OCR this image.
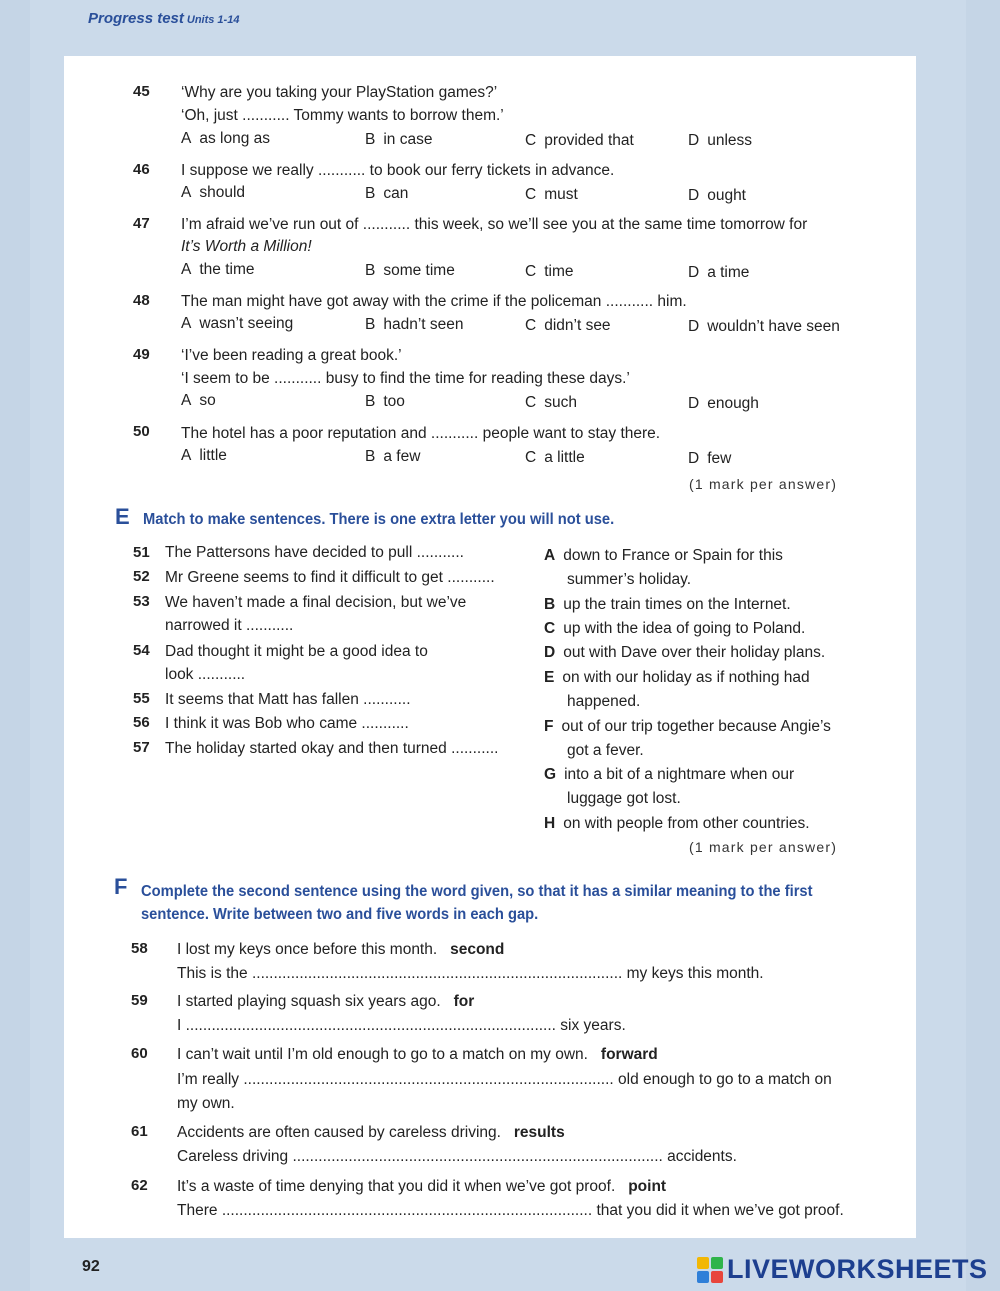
Progress test Units 1-14
45 ‘Why are you taking your PlayStation games?’
‘Oh, just ........... Tommy wants to borrow them.’
A as long as	B in case	C provided that	D unless
46 I suppose we really ........... to book our ferry tickets in advance.
A should	B can	C must	D ought
47 I’m afraid we’ve run out of ........... this week, so we’ll see you at the same time tomorrow for
It’s Worth a Million!
A the time	B some time	C time	D a time
48 The man might have got away with the crime if the policeman ........... him.
A wasn’t seeing	B hadn’t seen	C didn’t see	D wouldn’t have seen
49 ‘I’ve been reading a great book.’
‘I seem to be ........... busy to find the time for reading these days.’
A so	B too	C such	D enough
50 The hotel has a poor reputation and ........... people want to stay there.
A little	B a few	C a little	D few
(1 mark per answer)
E Match to make sentences. There is one extra letter you will not use.
51 The Pattersons have decided to pull ...........
52 Mr Greene seems to find it difficult to get ...........
53 We haven’t made a final decision, but we’ve
narrowed it ...........
54 Dad thought it might be a good idea to
look ...........
55 It seems that Matt has fallen ...........
56 I think it was Bob who came ...........
57 The holiday started okay and then turned ...........
A down to France or Spain for this
summer’s holiday.
B up the train times on the Internet.
C up with the idea of going to Poland.
D out with Dave over their holiday plans.
E on with our holiday as if nothing had
happened.
F out of our trip together because Angie’s
got a fever.
G into a bit of a nightmare when our
luggage got lost.
H on with people from other countries.
(1 mark per answer)
F Complete the second sentence using the word given, so that it has a similar meaning to the first
sentence. Write between two and five words in each gap.
58 I lost my keys once before this month. second
This is the ...................................................................................... my keys this month.
59 I started playing squash six years ago. for
I ...................................................................................... six years.
60 I can’t wait until I’m old enough to go to a match on my own. forward
I’m really ...................................................................................... old enough to go to a match on
my own.
61 Accidents are often caused by careless driving. results
Careless driving ...................................................................................... accidents.
62 It’s a waste of time denying that you did it when we’ve got proof. point
There ...................................................................................... that you did it when we’ve got proof.
92	LIVEWORKSHEETS
